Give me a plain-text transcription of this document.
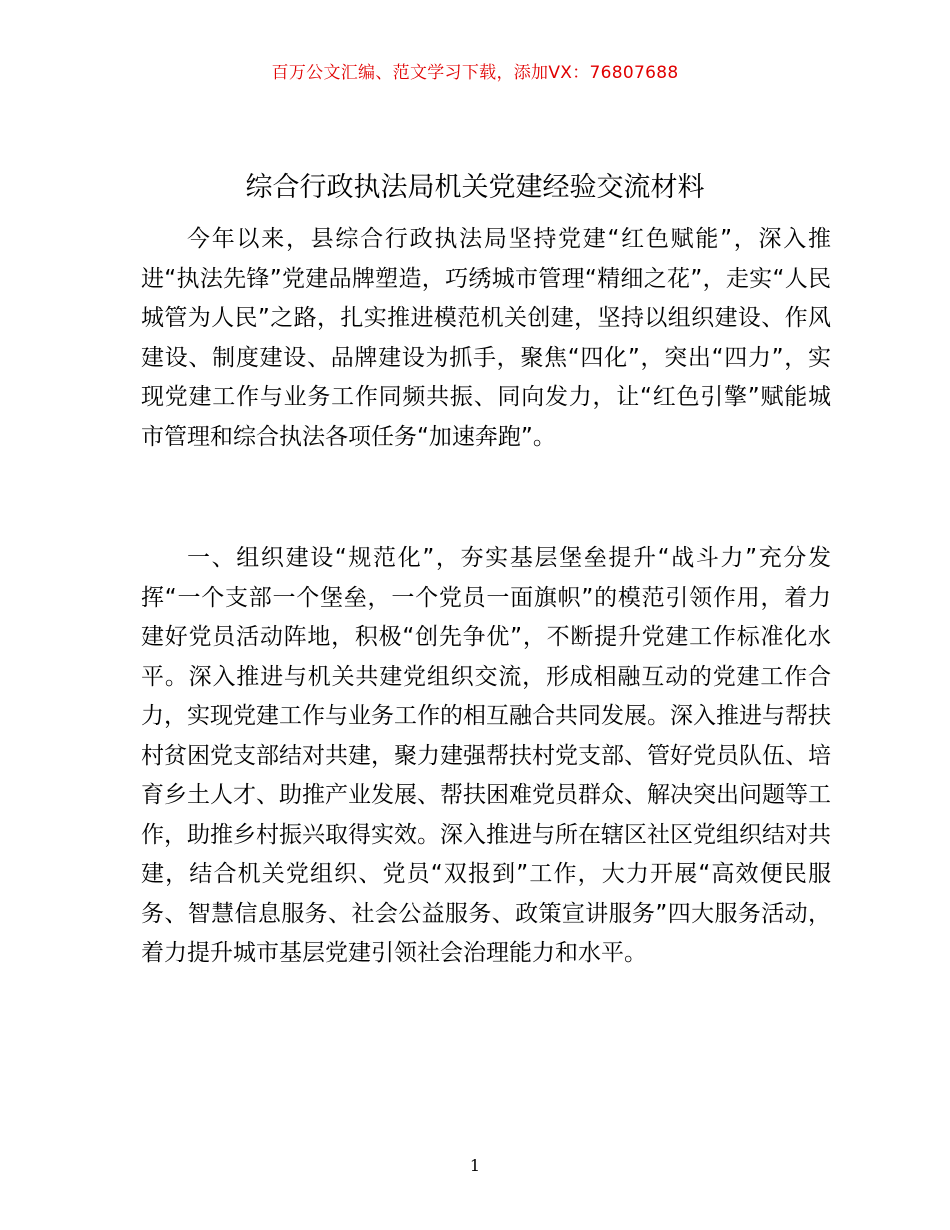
百万公文汇编、范文学习下载，添加VX：76807688
综合行政执法局机关党建经验交流材料

今年以来，县综合行政执法局坚持党建“红色赋能”，深入推进“执法先锋”党建品牌塑造，巧绣城市管理“精细之花”，走实“人民城管为人民”之路，扎实推进模范机关创建，坚持以组织建设、作风建设、制度建设、品牌建设为抓手，聚焦“四化”，突出“四力”，实现党建工作与业务工作同频共振、同向发力，让“红色引擎”赋能城市管理和综合执法各项任务“加速奔跑”。

一、组织建设“规范化”，夯实基层堡垒提升“战斗力”充分发挥“一个支部一个堡垒，一个党员一面旗帜”的模范引领作用，着力建好党员活动阵地，积极“创先争优”，不断提升党建工作标准化水平。深入推进与机关共建党组织交流，形成相融互动的党建工作合力，实现党建工作与业务工作的相互融合共同发展。深入推进与帮扶村贫困党支部结对共建，聚力建强帮扶村党支部、管好党员队伍、培育乡土人才、助推产业发展、帮扶困难党员群众、解决突出问题等工作，助推乡村振兴取得实效。深入推进与所在辖区社区党组织结对共建，结合机关党组织、党员“双报到”工作，大力开展“高效便民服务、智慧信息服务、社会公益服务、政策宣讲服务”四大服务活动，着力提升城市基层党建引领社会治理能力和水平。

1
